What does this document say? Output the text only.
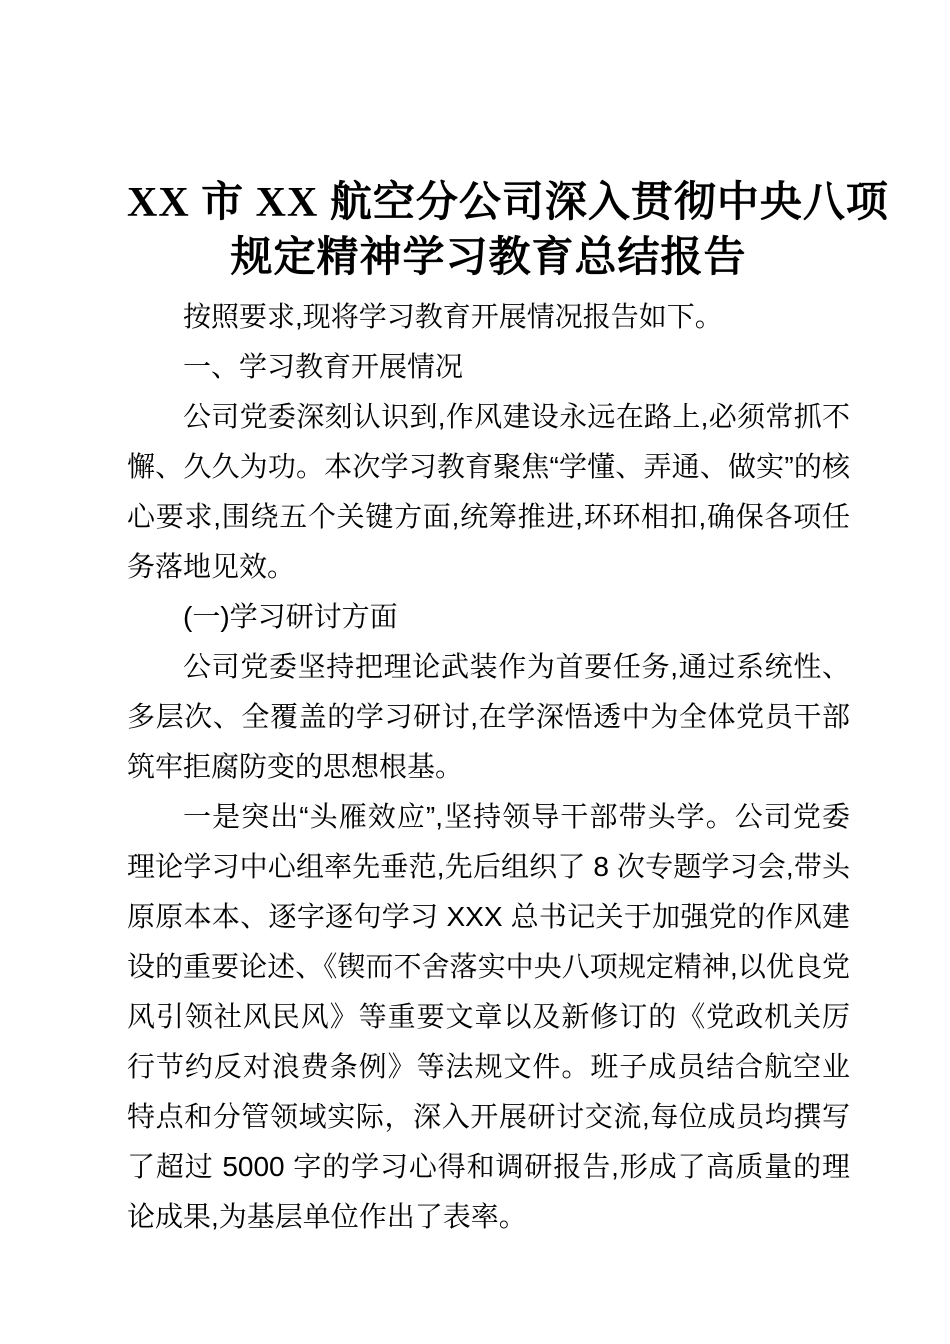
XX 市 XX 航空分公司深入贯彻中央八项
规定精神学习教育总结报告

按照要求,现将学习教育开展情况报告如下。

一、学习教育开展情况

公司党委深刻认识到,作风建设永远在路上,必须常抓不懈、久久为功。本次学习教育聚焦“学懂、弄通、做实”的核心要求,围绕五个关键方面,统筹推进,环环相扣,确保各项任务落地见效。

(一)学习研讨方面

公司党委坚持把理论武装作为首要任务,通过系统性、多层次、全覆盖的学习研讨,在学深悟透中为全体党员干部筑牢拒腐防变的思想根基。

一是突出“头雁效应”,坚持领导干部带头学。公司党委理论学习中心组率先垂范,先后组织了 8 次专题学习会,带头原原本本、逐字逐句学习 XXX 总书记关于加强党的作风建设的重要论述、《锲而不舍落实中央八项规定精神,以优良党风引领社风民风》等重要文章以及新修订的《党政机关厉行节约反对浪费条例》等法规文件。班子成员结合航空业特点和分管领域实际，深入开展研讨交流,每位成员均撰写了超过 5000 字的学习心得和调研报告,形成了高质量的理论成果,为基层单位作出了表率。
